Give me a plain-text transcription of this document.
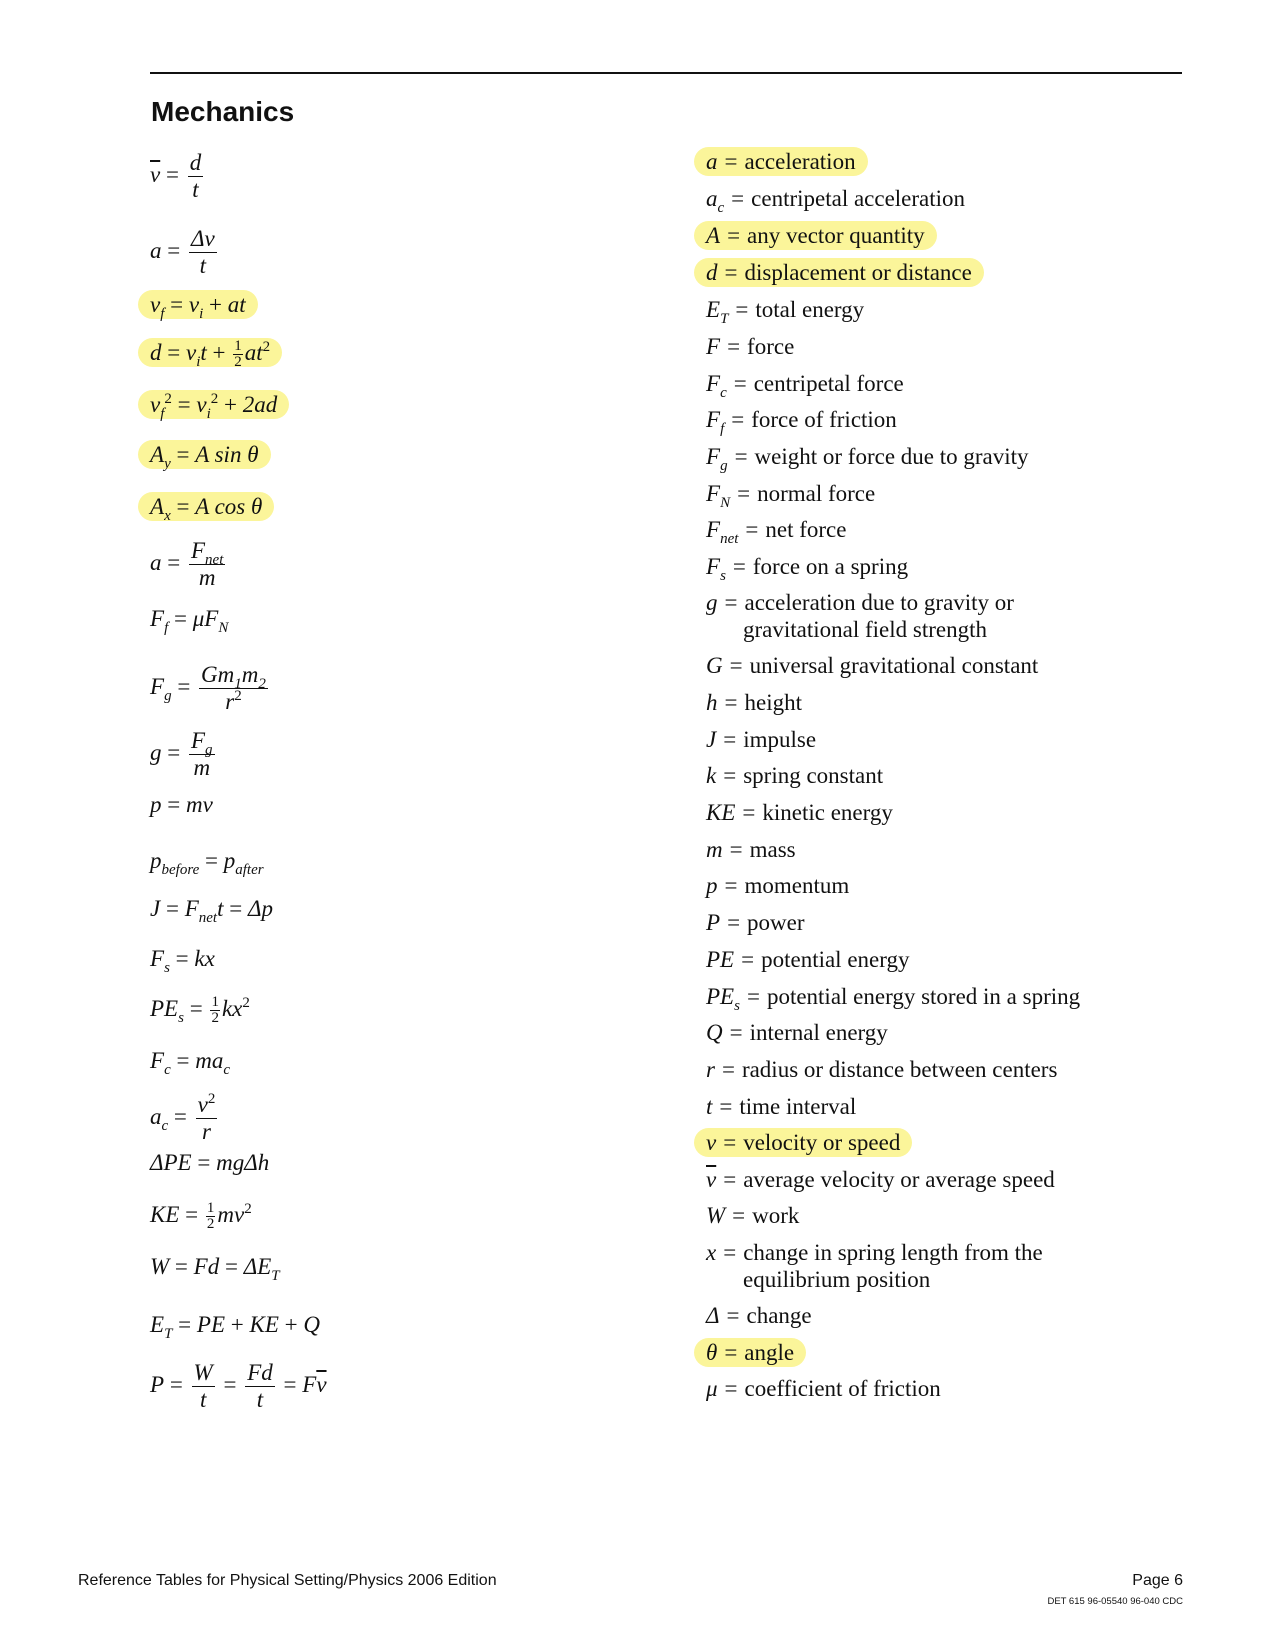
Mechanics
$\overline{v} = \frac{d}{t}$
$a = \frac{\Delta v}{t}$
$v_f = v_i$ + at
$d = v_it + \frac{1}{2} at^2$
$v_f^2 = v_i^2 + 2ad$
$A_y = A$ sin θ
$A_x = A$ cos θ
$a = \frac{F_{net}}{m}$
$F_f = \mu F_N$
$F_g = \frac{Gm_1m_2}{r^2}$
$g = \frac{F_g}{m}$
p = mv
$p_{before} = p_{after}$
$J = F_{net}t = \Delta p$
$F_s$ = kx
$PE_s = \frac{1}{2} kx^2$
$F_c = ma_c$
$a_c = \frac{v^2}{r}$
ΔPE = mgΔh
KE = $\frac{1}{2} mv^2$
$W = Fd = \Delta E_T$
$E_T$ = PE + KE + Q
$P = \frac{W}{t} = \frac{Fd}{t} = F\overline{v}$
a = acceleration
$a_c$ = centripetal acceleration
A = any vector quantity
d = displacement or distance
$E_T$ = total energy
F = force
$F_c$ = centripetal force
$F_f$ = force of friction
$F_g$ = weight or force due to gravity
$F_N$ = normal force
$F_{net}$ = net force
$F_s$ = force on a spring
g = acceleration due to gravity or
gravitational field strength
G = universal gravitational constant
h = height
J = impulse
k = spring constant
KE = kinetic energy
m = mass
p = momentum
P = power
PE = potential energy
$PE_s$ = potential energy stored in a spring
Q = internal energy
r = radius or distance between centers
t = time interval
v = velocity or speed
$\overline{v}$ = average velocity or average speed
W = work
x = change in spring length from the
equilibrium position
Δ = change
θ = angle
μ = coefficient of friction
Reference Tables for Physical Setting/Physics 2006 Edition	Page 6
DET 615 96-05540 96-040 CDC
